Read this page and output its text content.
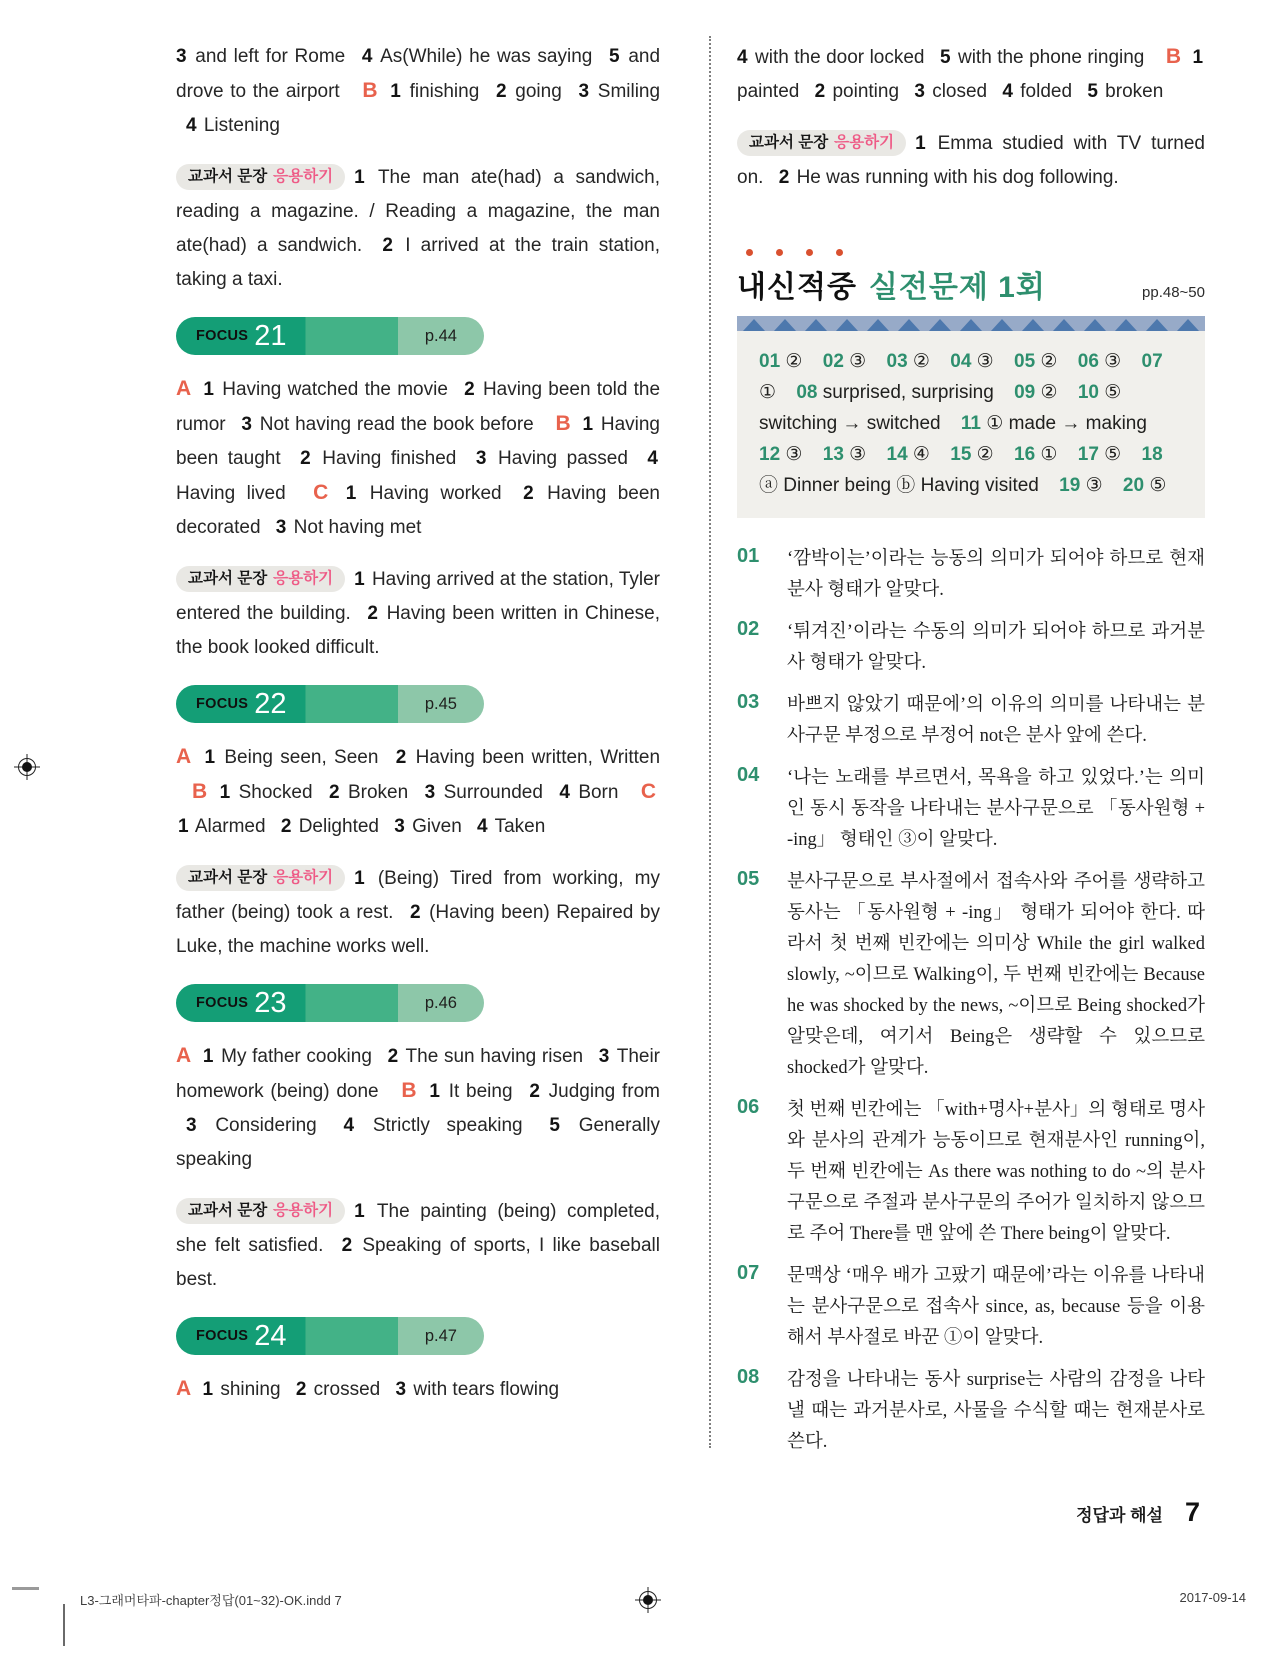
3 and left for Rome 4 As(While) he was saying 5 and drove to the airport B 1 finishing 2 going 3 Smiling 4 Listening
교과서 문장 응용하기 1 The man ate(had) a sandwich, reading a magazine. / Reading a magazine, the man ate(had) a sandwich. 2 I arrived at the train station, taking a taxi.
FOCUS 21	p.44
A 1 Having watched the movie 2 Having been told the rumor 3 Not having read the book before B 1 Having been taught 2 Having finished 3 Having passed 4 Having lived C 1 Having worked 2 Having been decorated 3 Not having met
교과서 문장 응용하기 1 Having arrived at the station, Tyler entered the building. 2 Having been written in Chinese, the book looked difficult.
FOCUS 22	p.45
A 1 Being seen, Seen 2 Having been written, Written B 1 Shocked 2 Broken 3 Surrounded 4 Born C 1 Alarmed 2 Delighted 3 Given 4 Taken
교과서 문장 응용하기 1 (Being) Tired from working, my father (being) took a rest. 2 (Having been) Repaired by Luke, the machine works well.
FOCUS 23	p.46
A 1 My father cooking 2 The sun having risen 3 Their homework (being) done B 1 It being 2 Judging from 3 Considering 4 Strictly speaking 5 Generally speaking
교과서 문장 응용하기 1 The painting (being) completed, she felt satisfied. 2 Speaking of sports, I like baseball best.
FOCUS 24	p.47
A 1 shining 2 crossed 3 with tears flowing
4 with the door locked 5 with the phone ringing B 1 painted 2 pointing 3 closed 4 folded 5 broken
교과서 문장 응용하기 1 Emma studied with TV turned on. 2 He was running with his dog following.
내신적중 실전문제 1회	pp.48~50
01 ② 02 ③ 03 ② 04 ③ 05 ② 06 ③ 07 ① 08 surprised, surprising 09 ② 10 ⑤ switching → switched 11 ① made → making 12 ③ 13 ③ 14 ④ 15 ② 16 ① 17 ⑤ 18 ⓐ Dinner being ⓑ Having visited 19 ③ 20 ⑤
01 ‘깜박이는’이라는 능동의 의미가 되어야 하므로 현재분사 형태가 알맞다.
02 ‘튀겨진’이라는 수동의 의미가 되어야 하므로 과거분사 형태가 알맞다.
03 바쁘지 않았기 때문에’의 이유의 의미를 나타내는 분사구문 부정으로 부정어 not은 분사 앞에 쓴다.
04 ‘나는 노래를 부르면서, 목욕을 하고 있었다.’는 의미인 동시 동작을 나타내는 분사구문으로 「동사원형 + -ing」 형태인 ③이 알맞다.
05 분사구문으로 부사절에서 접속사와 주어를 생략하고 동사는 「동사원형 + -ing」 형태가 되어야 한다. 따라서 첫 번째 빈칸에는 의미상 While the girl walked slowly, ~이므로 Walking이, 두 번째 빈칸에는 Because he was shocked by the news, ~이므로 Being shocked가 알맞은데, 여기서 Being은 생략할 수 있으므로 shocked가 알맞다.
06 첫 번째 빈칸에는 「with+명사+분사」의 형태로 명사와 분사의 관계가 능동이므로 현재분사인 running이, 두 번째 빈칸에는 As there was nothing to do ~의 분사구문으로 주절과 분사구문의 주어가 일치하지 않으므로 주어 There를 맨 앞에 쓴 There being이 알맞다.
07 문맥상 ‘매우 배가 고팠기 때문에’라는 이유를 나타내는 분사구문으로 접속사 since, as, because 등을 이용해서 부사절로 바꾼 ①이 알맞다.
08 감정을 나타내는 동사 surprise는 사람의 감정을 나타낼 때는 과거분사로, 사물을 수식할 때는 현재분사로 쓴다.
정답과 해설 7
L3-그래머타파-chapter정답(01~32)-OK.indd 7	2017-09-14
